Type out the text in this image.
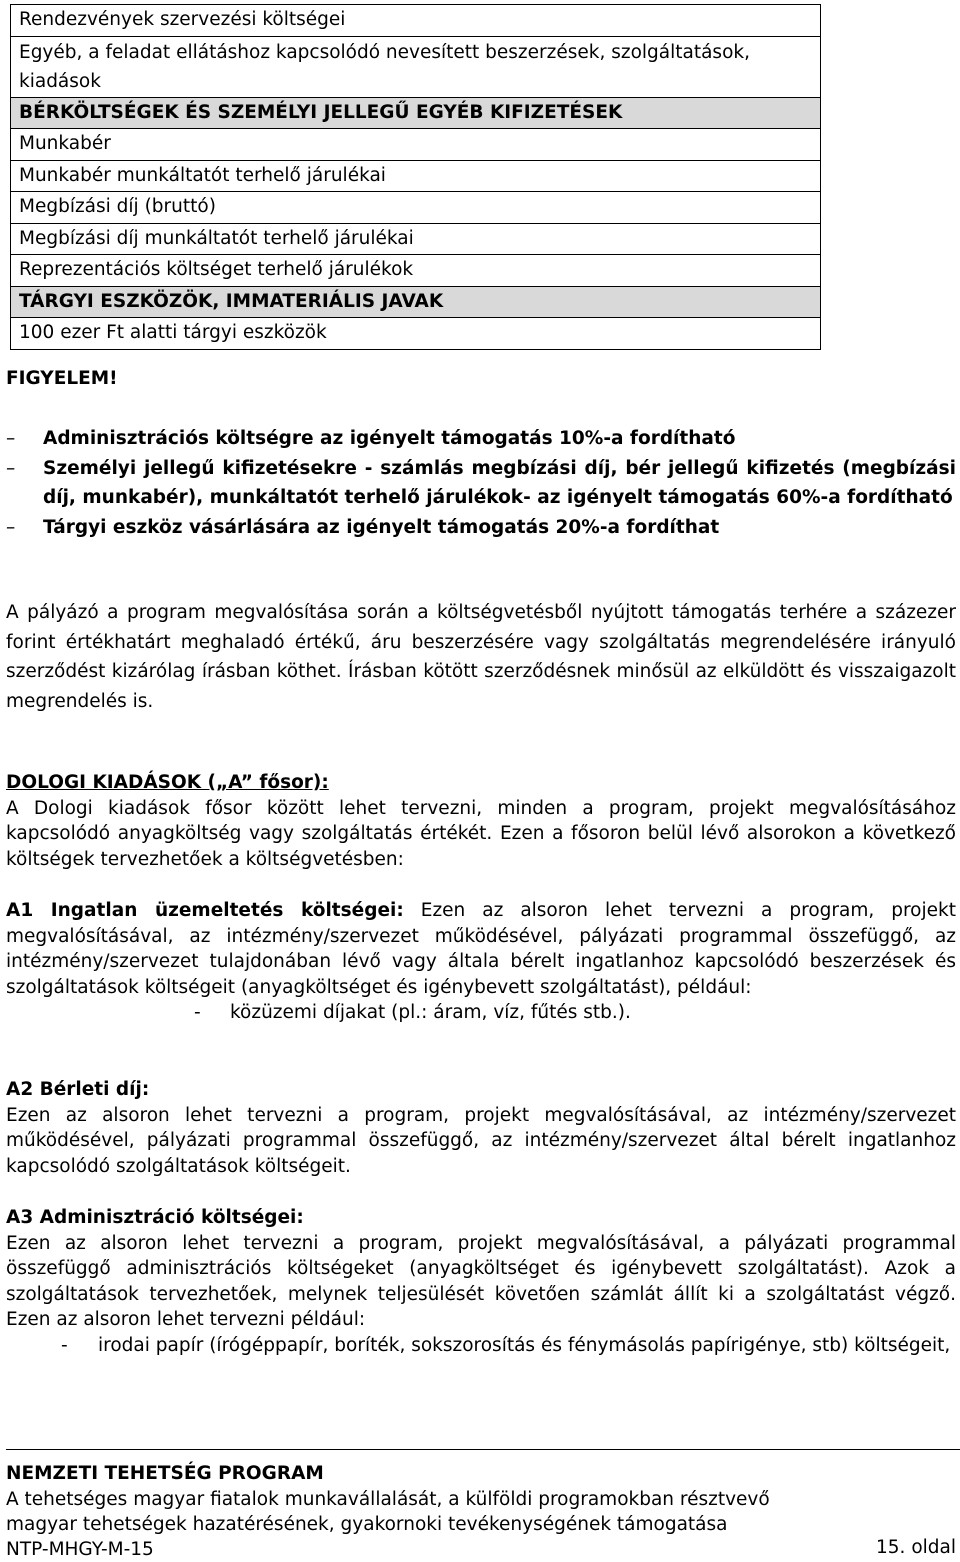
Rendezvények szervezési költségei
Egyéb, a feladat ellátáshoz kapcsolódó nevesített beszerzések, szolgáltatások, kiadások
BÉRKÖLTSÉGEK ÉS SZEMÉLYI JELLEGŰ EGYÉB KIFIZETÉSEK
Munkabér
Munkabér munkáltatót terhelő járulékai
Megbízási díj (bruttó)
Megbízási díj munkáltatót terhelő járulékai
Reprezentációs költséget terhelő járulékok
TÁRGYI ESZKÖZÖK, IMMATERIÁLIS JAVAK
100 ezer Ft alatti tárgyi eszközök
FIGYELEM!
– Adminisztrációs költségre az igényelt támogatás 10%-a fordítható
– Személyi jellegű kifizetésekre - számlás megbízási díj, bér jellegű kifizetés (megbízási díj, munkabér), munkáltatót terhelő járulékok- az igényelt támogatás 60%-a fordítható
– Tárgyi eszköz vásárlására az igényelt támogatás 20%-a fordíthat
A pályázó a program megvalósítása során a költségvetésből nyújtott támogatás terhére a százezer forint értékhatárt meghaladó értékű, áru beszerzésére vagy szolgáltatás megrendelésére irányuló szerződést kizárólag írásban köthet. Írásban kötött szerződésnek minősül az elküldött és visszaigazolt megrendelés is.
DOLOGI KIADÁSOK („A” fősor):
A Dologi kiadások fősor között lehet tervezni, minden a program, projekt megvalósításához kapcsolódó anyagköltség vagy szolgáltatás értékét. Ezen a fősoron belül lévő alsorokon a következő költségek tervezhetőek a költségvetésben:
A1 Ingatlan üzemeltetés költségei: Ezen az alsoron lehet tervezni a program, projekt megvalósításával, az intézmény/szervezet működésével, pályázati programmal összefüggő, az intézmény/szervezet tulajdonában lévő vagy általa bérelt ingatlanhoz kapcsolódó beszerzések és szolgáltatások költségeit (anyagköltséget és igénybevett szolgáltatást), például:
- közüzemi díjakat (pl.: áram, víz, fűtés stb.).
A2 Bérleti díj:
Ezen az alsoron lehet tervezni a program, projekt megvalósításával, az intézmény/szervezet működésével, pályázati programmal összefüggő, az intézmény/szervezet által bérelt ingatlanhoz kapcsolódó szolgáltatások költségeit.
A3 Adminisztráció költségei:
Ezen az alsoron lehet tervezni a program, projekt megvalósításával, a pályázati programmal összefüggő adminisztrációs költségeket (anyagköltséget és igénybevett szolgáltatást). Azok a szolgáltatások tervezhetőek, melynek teljesülését követően számlát állít ki a szolgáltatást végző. Ezen az alsoron lehet tervezni például:
- irodai papír (írógéppapír, boríték, sokszorosítás és fénymásolás papírigénye, stb) költségeit,
NEMZETI TEHETSÉG PROGRAM
A tehetséges magyar fiatalok munkavállalását, a külföldi programokban résztvevő
magyar tehetségek hazatérésének, gyakornoki tevékenységének támogatása
NTP-MHGY-M-15	15. oldal
